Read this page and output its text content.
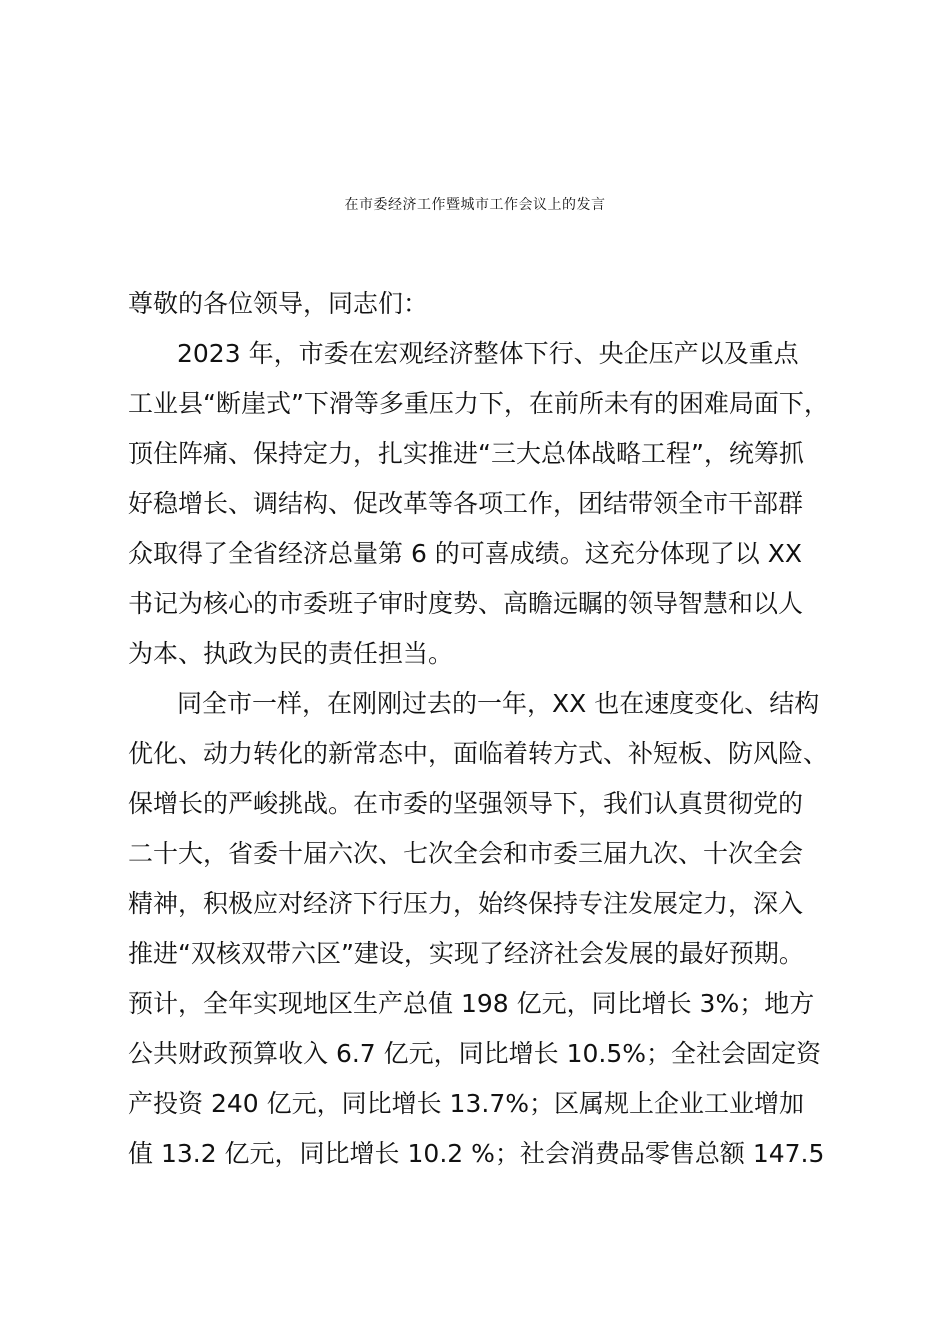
在市委经济工作暨城市工作会议上的发言
尊敬的各位领导，同志们：
2023 年，市委在宏观经济整体下行、央企压产以及重点
工业县“断崖式”下滑等多重压力下，在前所未有的困难局面下，
顶住阵痛、保持定力，扎实推进“三大总体战略工程”，统筹抓
好稳增长、调结构、促改革等各项工作，团结带领全市干部群
众取得了全省经济总量第 6 的可喜成绩。这充分体现了以 XX
书记为核心的市委班子审时度势、高瞻远瞩的领导智慧和以人
为本、执政为民的责任担当。
同全市一样，在刚刚过去的一年，XX 也在速度变化、结构
优化、动力转化的新常态中，面临着转方式、补短板、防风险、
保增长的严峻挑战。在市委的坚强领导下，我们认真贯彻党的
二十大，省委十届六次、七次全会和市委三届九次、十次全会
精神，积极应对经济下行压力，始终保持专注发展定力，深入
推进“双核双带六区”建设，实现了经济社会发展的最好预期。
预计，全年实现地区生产总值 198 亿元，同比增长 3%；地方
公共财政预算收入 6.7 亿元，同比增长 10.5%；全社会固定资
产投资 240 亿元，同比增长 13.7%；区属规上企业工业增加
值 13.2 亿元，同比增长 10.2 %；社会消费品零售总额 147.5
